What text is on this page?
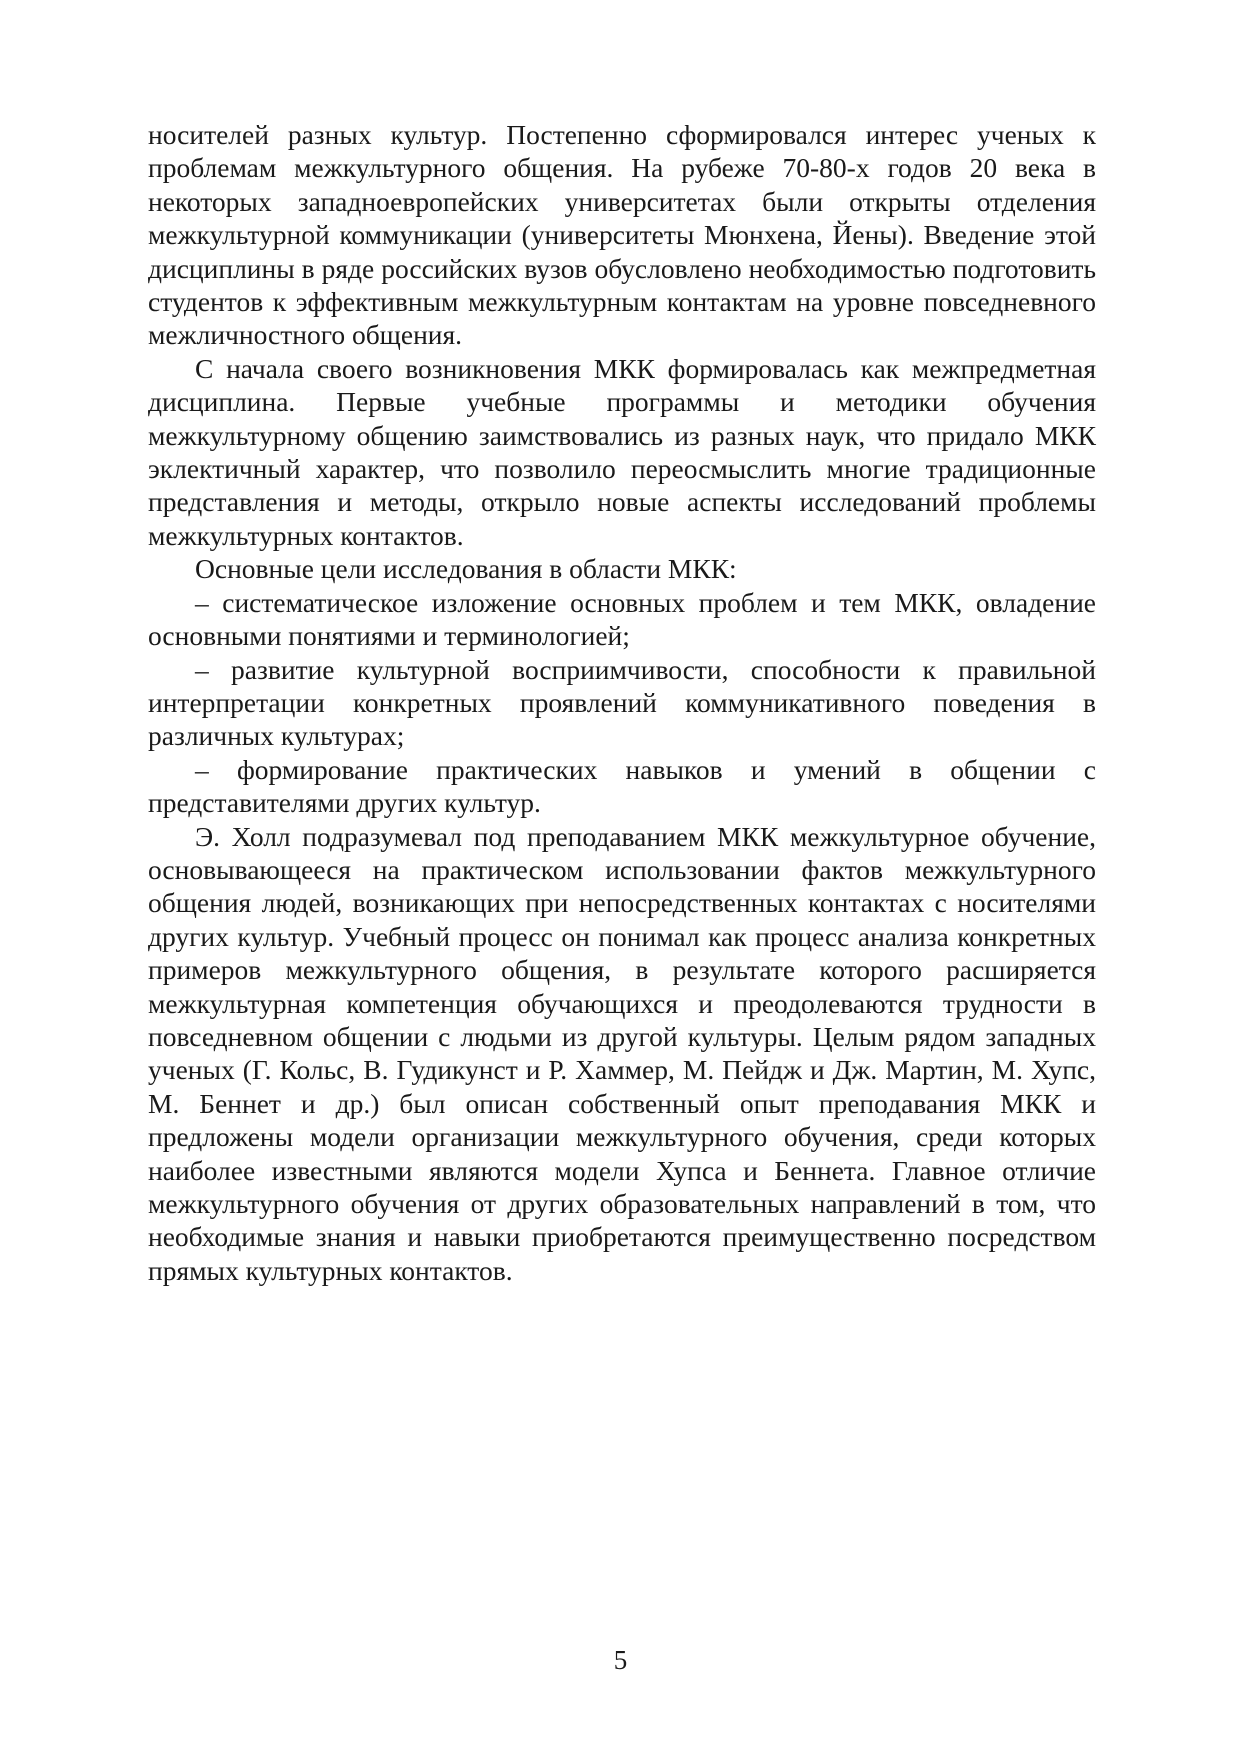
носителей разных культур. Постепенно сформировался интерес ученых к проблемам межкультурного общения. На рубеже 70-80-х годов 20 века в некоторых западноевропейских университетах были открыты отделения межкультурной коммуникации (университеты Мюнхена, Йены). Введение этой дисциплины в ряде российских вузов обусловлено необходимостью подготовить студентов к эффективным межкультурным контактам на уровне повседневного межличностного общения.

С начала своего возникновения МКК формировалась как межпредметная дисциплина. Первые учебные программы и методики обучения межкультурному общению заимствовались из разных наук, что придало МКК эклектичный характер, что позволило переосмыслить многие традиционные представления и методы, открыло новые аспекты исследований проблемы межкультурных контактов.

Основные цели исследования в области МКК:

– систематическое изложение основных проблем и тем МКК, овладение основными понятиями и терминологией;

– развитие культурной восприимчивости, способности к правильной интерпретации конкретных проявлений коммуникативного поведения в различных культурах;

– формирование практических навыков и умений в общении с представителями других культур.

Э. Холл подразумевал под преподаванием МКК межкультурное обучение, основывающееся на практическом использовании фактов межкультурного общения людей, возникающих при непосредственных контактах с носителями других культур. Учебный процесс он понимал как процесс анализа конкретных примеров межкультурного общения, в результате которого расширяется межкультурная компетенция обучающихся и преодолеваются трудности в повседневном общении с людьми из другой культуры. Целым рядом западных ученых (Г. Кольс, В. Гудикунст и Р. Хаммер, М. Пейдж и Дж. Мартин, М. Хупс, М. Беннет и др.) был описан собственный опыт преподавания МКК и предложены модели организации межкультурного обучения, среди которых наиболее известными являются модели Хупса и Беннета. Главное отличие межкультурного обучения от других образовательных направлений в том, что необходимые знания и навыки приобретаются преимущественно посредством прямых культурных контактов.

5
